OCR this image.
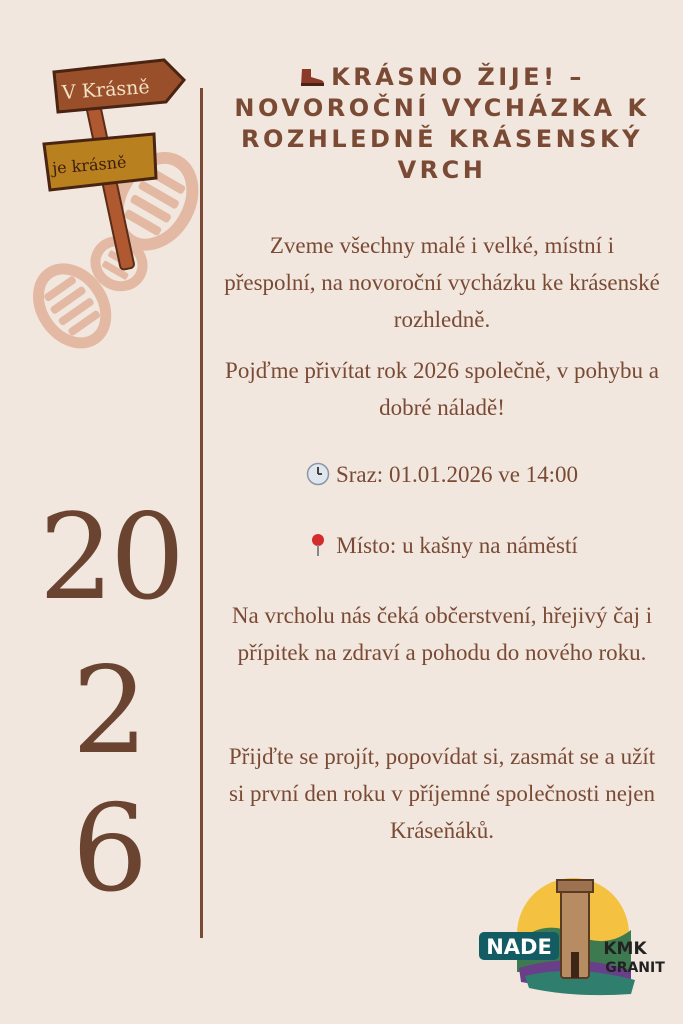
V Krásně
je krásně
20
2
6
KRÁSNO ŽIJE! – NOVOROČNÍ VYCHÁZKA K ROZHLEDNĚ KRÁSENSKÝ VRCH
Zveme všechny malé i velké, místní i přespolní, na novoroční vycházku ke krásenské rozhledně.
Pojďme přivítat rok 2026 společně, v pohybu a dobré náladě!
Sraz: 01.01.2026 ve 14:00
Místo: u kašny na náměstí
Na vrcholu nás čeká občerstvení, hřejivý čaj i přípitek na zdraví a pohodu do nového roku.
Přijďte se projít, popovídat si, zasmát se a užít si první den roku v příjemné společnosti nejen Kráseňáků.
NADE	KMK
GRANIT
